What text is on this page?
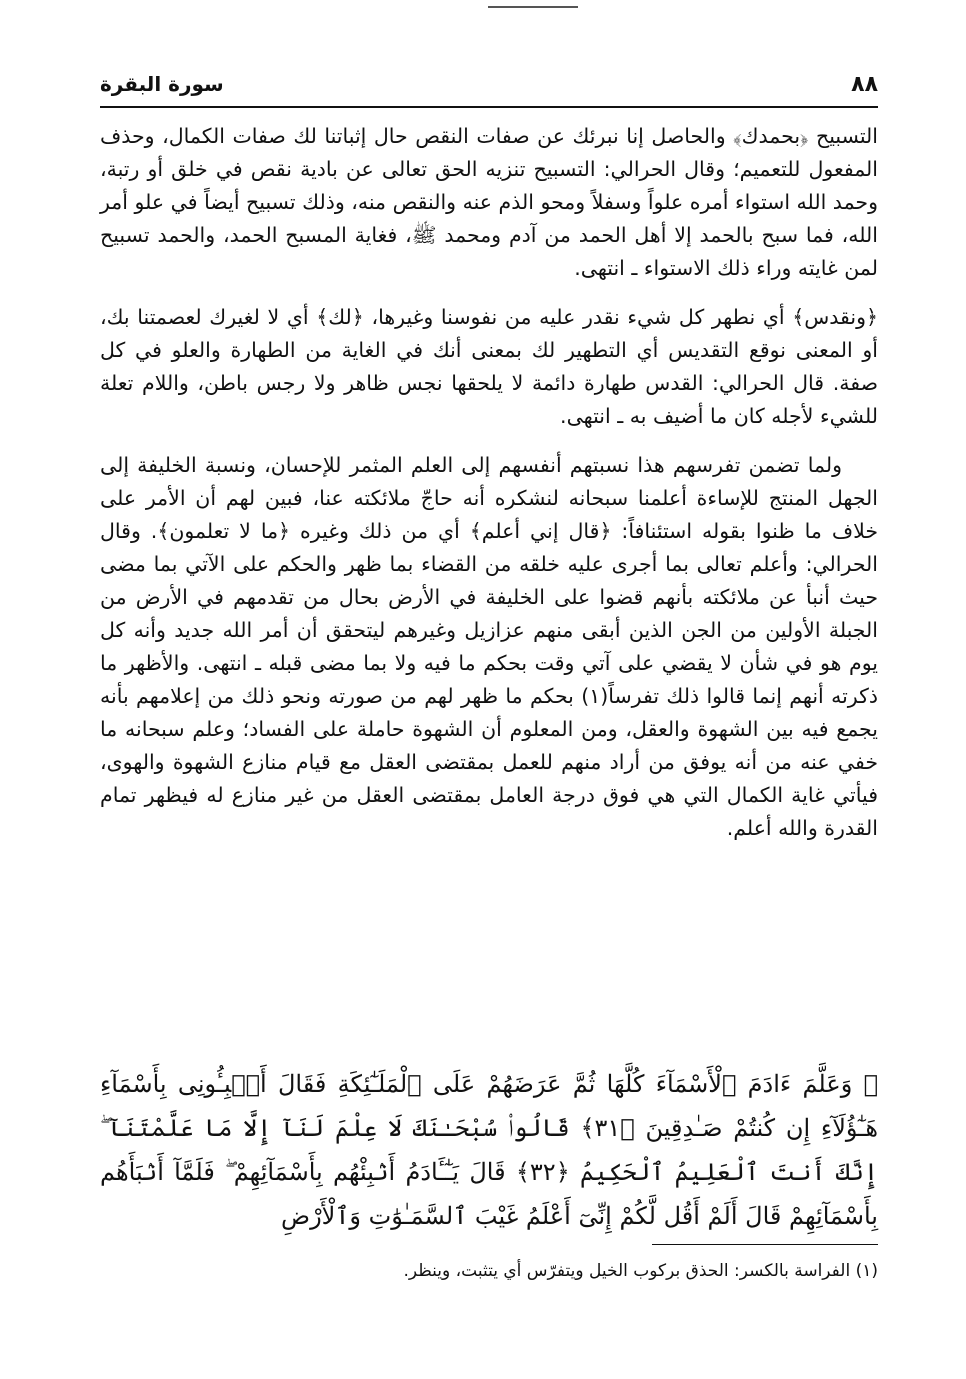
٨٨
سورة البقرة

التسبيح ﴿بحمدك﴾ والحاصل إنا نبرئك عن صفات النقص حال إثباتنا لك صفات الكمال، وحذف المفعول للتعميم؛ وقال الحرالي: التسبيح تنزيه الحق تعالى عن بادية نقص في خلق أو رتبة، وحمد الله استواء أمره علواً وسفلاً ومحو الذم عنه والنقص منه، وذلك تسبيح أيضاً في علو أمر الله، فما سبح بالحمد إلا أهل الحمد من آدم ومحمد ﷺ، فغاية المسبح الحمد، والحمد تسبيح لمن غايته وراء ذلك الاستواء ـ انتهى.

﴿ونقدس﴾ أي نطهر كل شيء نقدر عليه من نفوسنا وغيرها، ﴿لك﴾ أي لا لغيرك لعصمتنا بك، أو المعنى نوقع التقديس أي التطهير لك بمعنى أنك في الغاية من الطهارة والعلو في كل صفة. قال الحرالي: القدس طهارة دائمة لا يلحقها نجس ظاهر ولا رجس باطن، واللام تعلة للشيء لأجله كان ما أضيف به ـ انتهى.

ولما تضمن تفرسهم هذا نسبتهم أنفسهم إلى العلم المثمر للإحسان، ونسبة الخليفة إلى الجهل المنتج للإساءة أعلمنا سبحانه لنشكره أنه حاجّ ملائكته عنا، فبين لهم أن الأمر على خلاف ما ظنوا بقوله استئنافاً: ﴿قال إني أعلم﴾ أي من ذلك وغيره ﴿ما لا تعلمون﴾. وقال الحرالي: وأعلم تعالى بما أجرى عليه خلقه من القضاء بما ظهر والحكم على الآتي بما مضى حيث أنبأ عن ملائكته بأنهم قضوا على الخليفة في الأرض بحال من تقدمهم في الأرض من الجبلة الأولين من الجن الذين أبقى منهم عزازيل وغيرهم ليتحقق أن أمر الله جديد وأنه كل يوم هو في شأن لا يقضي على آتي وقت بحكم ما فيه ولا بما مضى قبله ـ انتهى. والأظهر ما ذكرته أنهم إنما قالوا ذلك تفرساً(١) بحكم ما ظهر لهم من صورته ونحو ذلك من إعلامهم بأنه يجمع فيه بين الشهوة والعقل، ومن المعلوم أن الشهوة حاملة على الفساد؛ وعلم سبحانه ما خفي عنه من أنه يوفق من أراد منهم للعمل بمقتضى العقل مع قيام منازع الشهوة والهوى، فيأتي غاية الكمال التي هي فوق درجة العامل بمقتضى العقل من غير منازع له فيظهر تمام القدرة والله أعلم.

﴿ وَعَلَّمَ ءَادَمَ ٱلْأَسْمَآءَ كُلَّهَا ثُمَّ عَرَضَهُمْ عَلَى ٱلْمَلَـٰٓئِكَةِ فَقَالَ أَنۢبِـُٔونِى بِأَسْمَآءِ هَـٰٓؤُلَآءِ إِن كُنتُمْ صَـٰدِقِينَ ﴿٣١﴾ قَالُوا۟ سُبْحَـٰنَكَ لَا عِلْمَ لَنَآ إِلَّا مَا عَلَّمْتَنَآ ۖ إِنَّكَ أَنتَ ٱلْعَلِيمُ ٱلْحَكِيمُ ﴿٣٢﴾ قَالَ يَـٰٓـَٔادَمُ أَنۢبِئْهُم بِأَسْمَآئِهِمْ ۖ فَلَمَّآ أَنۢبَأَهُم بِأَسْمَآئِهِمْ قَالَ أَلَمْ أَقُل لَّكُمْ إِنِّىٓ أَعْلَمُ غَيْبَ ٱلسَّمَـٰوَٰتِ وَٱلْأَرْضِ
(١) الفراسة بالكسر: الحذق بركوب الخيل ويتفرّس أي يتثبت، وينظر.
